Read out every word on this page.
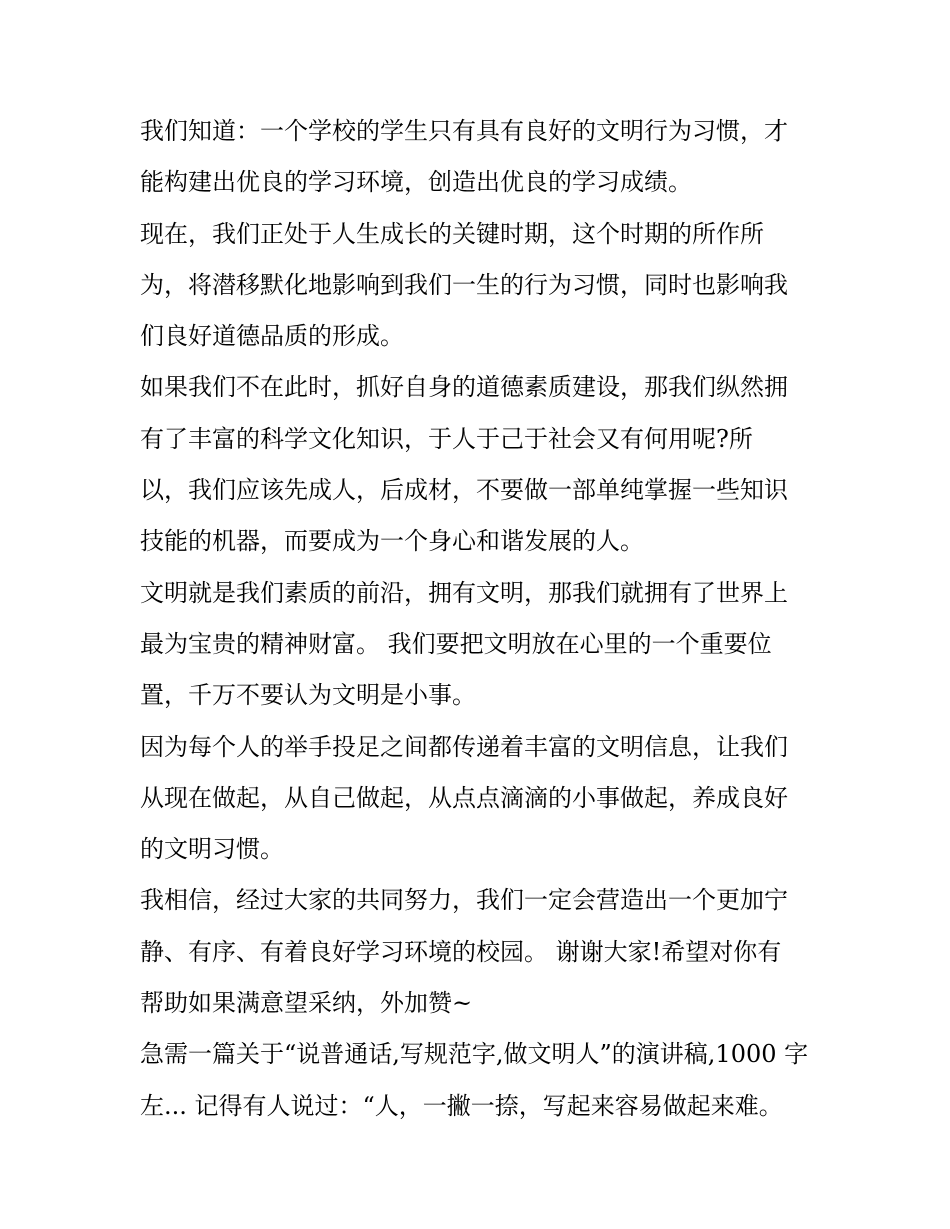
我们知道：一个学校的学生只有具有良好的文明行为习惯，才
能构建出优良的学习环境，创造出优良的学习成绩。
现在，我们正处于人生成长的关键时期，这个时期的所作所
为，将潜移默化地影响到我们一生的行为习惯，同时也影响我
们良好道德品质的形成。
如果我们不在此时，抓好自身的道德素质建设，那我们纵然拥
有了丰富的科学文化知识，于人于己于社会又有何用呢?所
以，我们应该先成人，后成材，不要做一部单纯掌握一些知识
技能的机器，而要成为一个身心和谐发展的人。
文明就是我们素质的前沿，拥有文明，那我们就拥有了世界上
最为宝贵的精神财富。 我们要把文明放在心里的一个重要位
置，千万不要认为文明是小事。
因为每个人的举手投足之间都传递着丰富的文明信息，让我们
从现在做起，从自己做起，从点点滴滴的小事做起，养成良好
的文明习惯。
我相信，经过大家的共同努力，我们一定会营造出一个更加宁
静、有序、有着良好学习环境的校园。 谢谢大家!希望对你有
帮助如果满意望采纳，外加赞~
急需一篇关于“说普通话,写规范字,做文明人”的演讲稿,1000 字
左... 记得有人说过：“人，一撇一捺，写起来容易做起来难。
